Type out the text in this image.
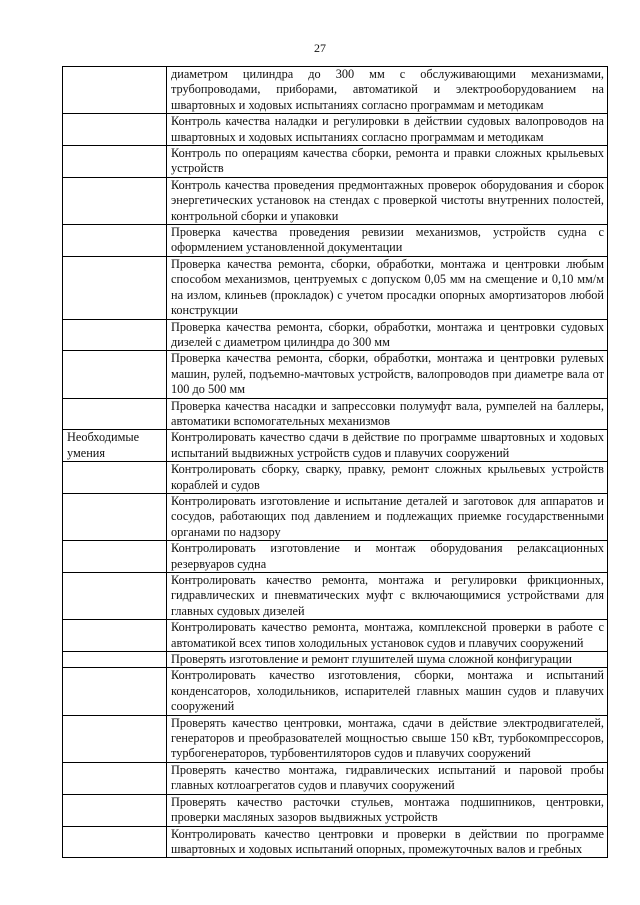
27
	диаметром цилиндра до 300 мм с обслуживающими механизмами, трубопроводами, приборами, автоматикой и электрооборудованием на швартовных и ходовых испытаниях согласно программам и методикам
	Контроль качества наладки и регулировки в действии судовых валопроводов на швартовных и ходовых испытаниях согласно программам и методикам
	Контроль по операциям качества сборки, ремонта и правки сложных крыльевых устройств
	Контроль качества проведения предмонтажных проверок оборудования и сборок энергетических установок на стендах с проверкой чистоты внутренних полостей, контрольной сборки и упаковки
	Проверка качества проведения ревизии механизмов, устройств судна с оформлением установленной документации
	Проверка качества ремонта, сборки, обработки, монтажа и центровки любым способом механизмов, центруемых с допуском 0,05 мм на смещение и 0,10 мм/м на излом, клиньев (прокладок) с учетом просадки опорных амортизаторов любой конструкции
	Проверка качества ремонта, сборки, обработки, монтажа и центровки судовых дизелей с диаметром цилиндра до 300 мм
	Проверка качества ремонта, сборки, обработки, монтажа и центровки рулевых машин, рулей, подъемно-мачтовых устройств, валопроводов при диаметре вала от 100 до 500 мм
	Проверка качества насадки и запрессовки полумуфт вала, румпелей на баллеры, автоматики вспомогательных механизмов
Необходимые умения	Контролировать качество сдачи в действие по программе швартовных и ходовых испытаний выдвижных устройств судов и плавучих сооружений
	Контролировать сборку, сварку, правку, ремонт сложных крыльевых устройств кораблей и судов
	Контролировать изготовление и испытание деталей и заготовок для аппаратов и сосудов, работающих под давлением и подлежащих приемке государственными органами по надзору
	Контролировать изготовление и монтаж оборудования релаксационных резервуаров судна
	Контролировать качество ремонта, монтажа и регулировки фрикционных, гидравлических и пневматических муфт с включающимися устройствами для главных судовых дизелей
	Контролировать качество ремонта, монтажа, комплексной проверки в работе с автоматикой всех типов холодильных установок судов и плавучих сооружений
	Проверять изготовление и ремонт глушителей шума сложной конфигурации
	Контролировать качество изготовления, сборки, монтажа и испытаний конденсаторов, холодильников, испарителей главных машин судов и плавучих сооружений
	Проверять качество центровки, монтажа, сдачи в действие электродвигателей, генераторов и преобразователей мощностью свыше 150 кВт, турбокомпрессоров, турбогенераторов, турбовентиляторов судов и плавучих сооружений
	Проверять качество монтажа, гидравлических испытаний и паровой пробы главных котлоагрегатов судов и плавучих сооружений
	Проверять качество расточки стульев, монтажа подшипников, центровки, проверки масляных зазоров выдвижных устройств
	Контролировать качество центровки и проверки в действии по программе швартовных и ходовых испытаний опорных, промежуточных валов и гребных
